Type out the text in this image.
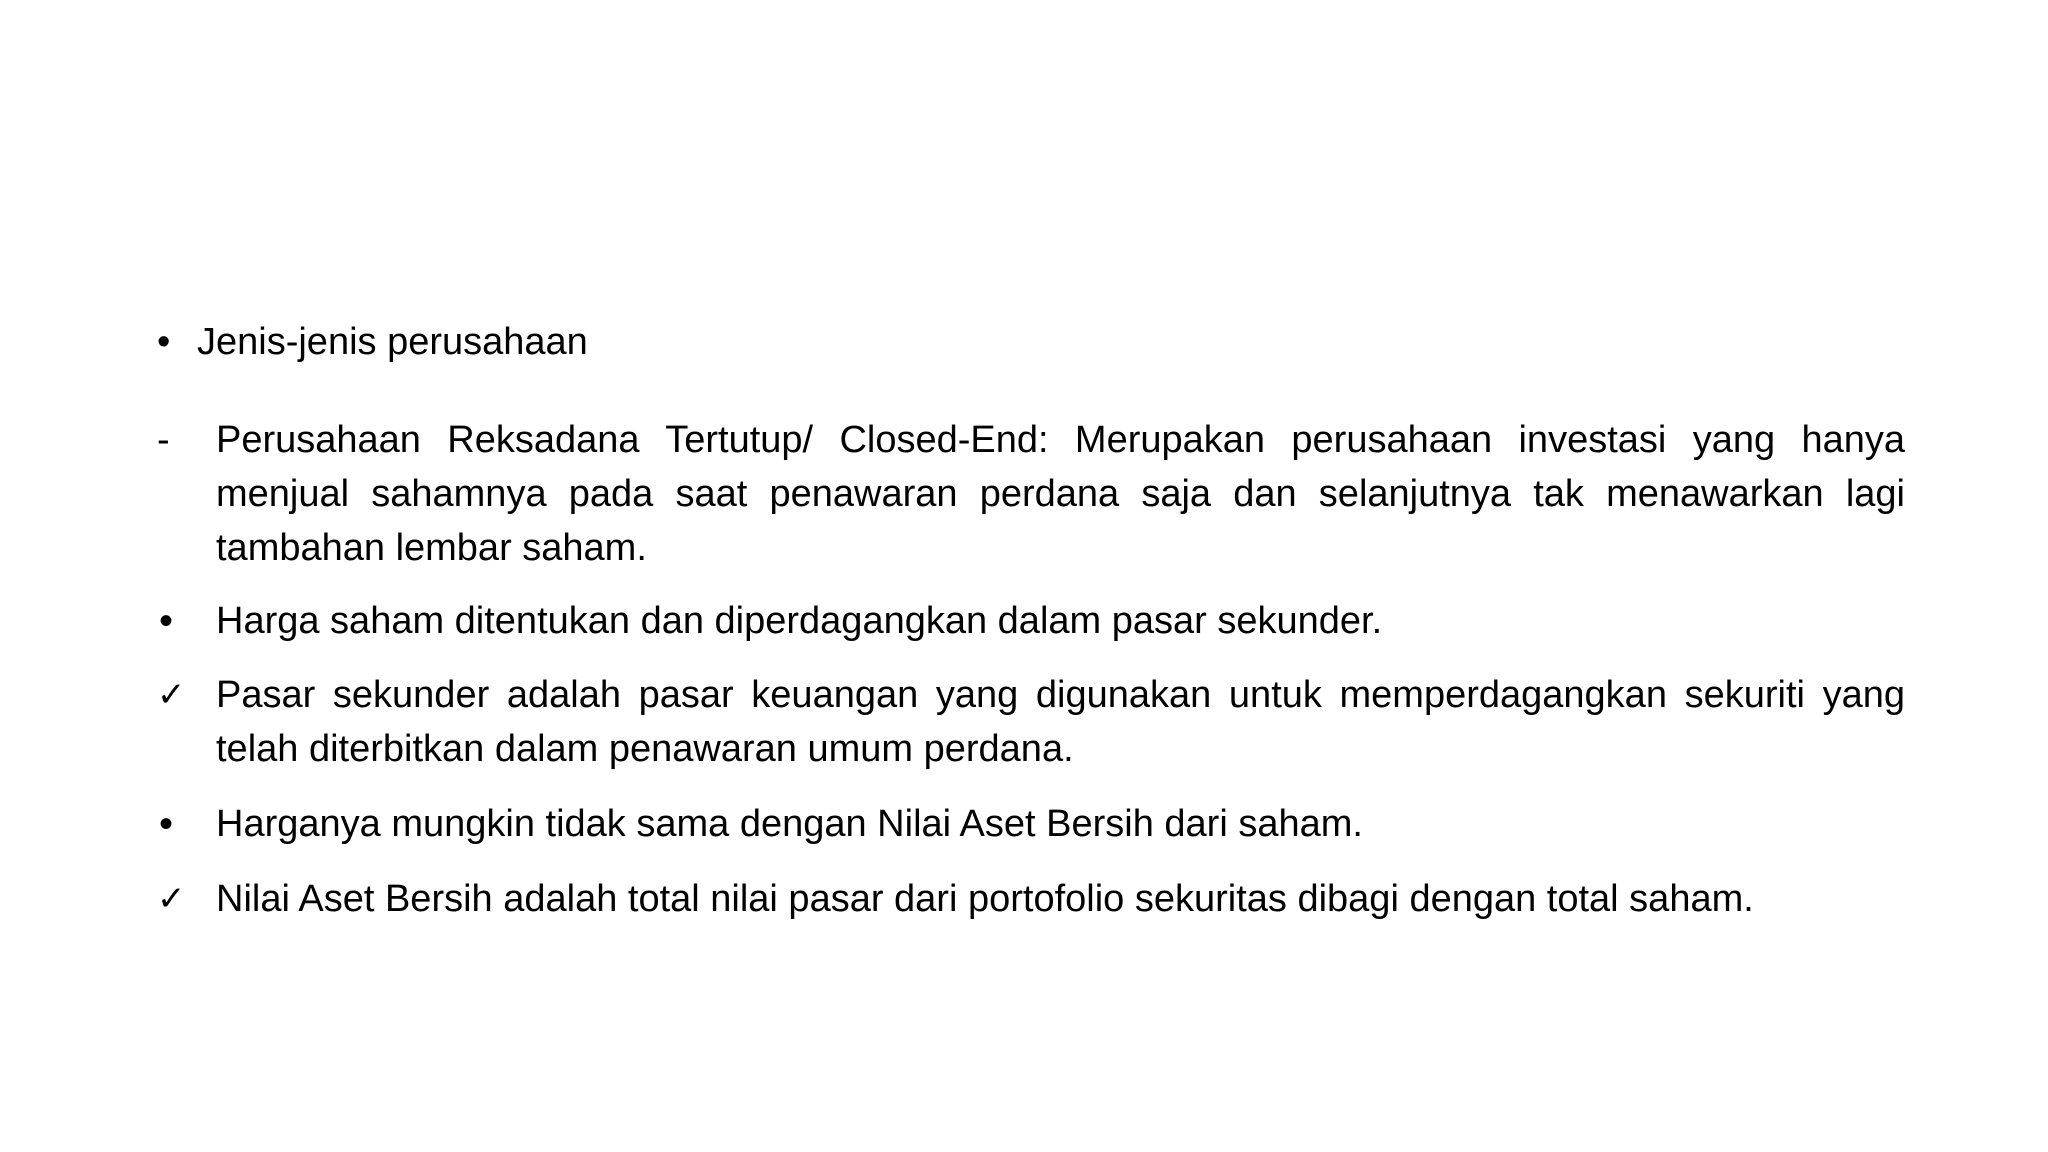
• Jenis-jenis perusahaan
-	Perusahaan Reksadana Tertutup/ Closed-End: Merupakan perusahaan investasi yang hanya menjual sahamnya pada saat penawaran perdana saja dan selanjutnya tak menawarkan lagi tambahan lembar saham.
•	Harga saham ditentukan dan diperdagangkan dalam pasar sekunder.
✓ Pasar sekunder adalah pasar keuangan yang digunakan untuk memperdagangkan sekuriti yang telah diterbitkan dalam penawaran umum perdana.
•	Harganya mungkin tidak sama dengan Nilai Aset Bersih dari saham.
✓ Nilai Aset Bersih adalah total nilai pasar dari portofolio sekuritas dibagi dengan total saham.
